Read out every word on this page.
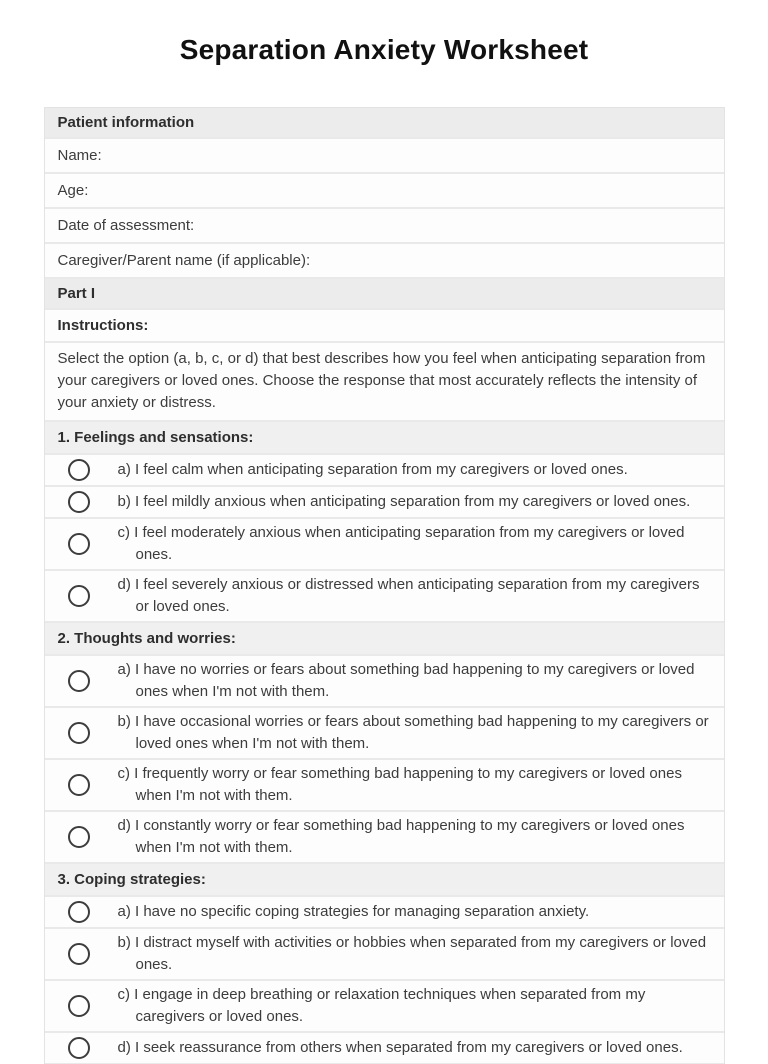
Separation Anxiety Worksheet
Patient information
Name:
Age:
Date of assessment:
Caregiver/Parent name (if applicable):
Part I
Instructions:
Select the option (a, b, c, or d) that best describes how you feel when anticipating separation from your caregivers or loved ones. Choose the response that most accurately reflects the intensity of your anxiety or distress.
1. Feelings and sensations:
a) I feel calm when anticipating separation from my caregivers or loved ones.
b) I feel mildly anxious when anticipating separation from my caregivers or loved ones.
c) I feel moderately anxious when anticipating separation from my caregivers or loved ones.
d) I feel severely anxious or distressed when anticipating separation from my caregivers or loved ones.
2. Thoughts and worries:
a) I have no worries or fears about something bad happening to my caregivers or loved ones when I'm not with them.
b) I have occasional worries or fears about something bad happening to my caregivers or loved ones when I'm not with them.
c) I frequently worry or fear something bad happening to my caregivers or loved ones when I'm not with them.
d) I constantly worry or fear something bad happening to my caregivers or loved ones when I'm not with them.
3. Coping strategies:
a) I have no specific coping strategies for managing separation anxiety.
b) I distract myself with activities or hobbies when separated from my caregivers or loved ones.
c) I engage in deep breathing or relaxation techniques when separated from my caregivers or loved ones.
d) I seek reassurance from others when separated from my caregivers or loved ones.
